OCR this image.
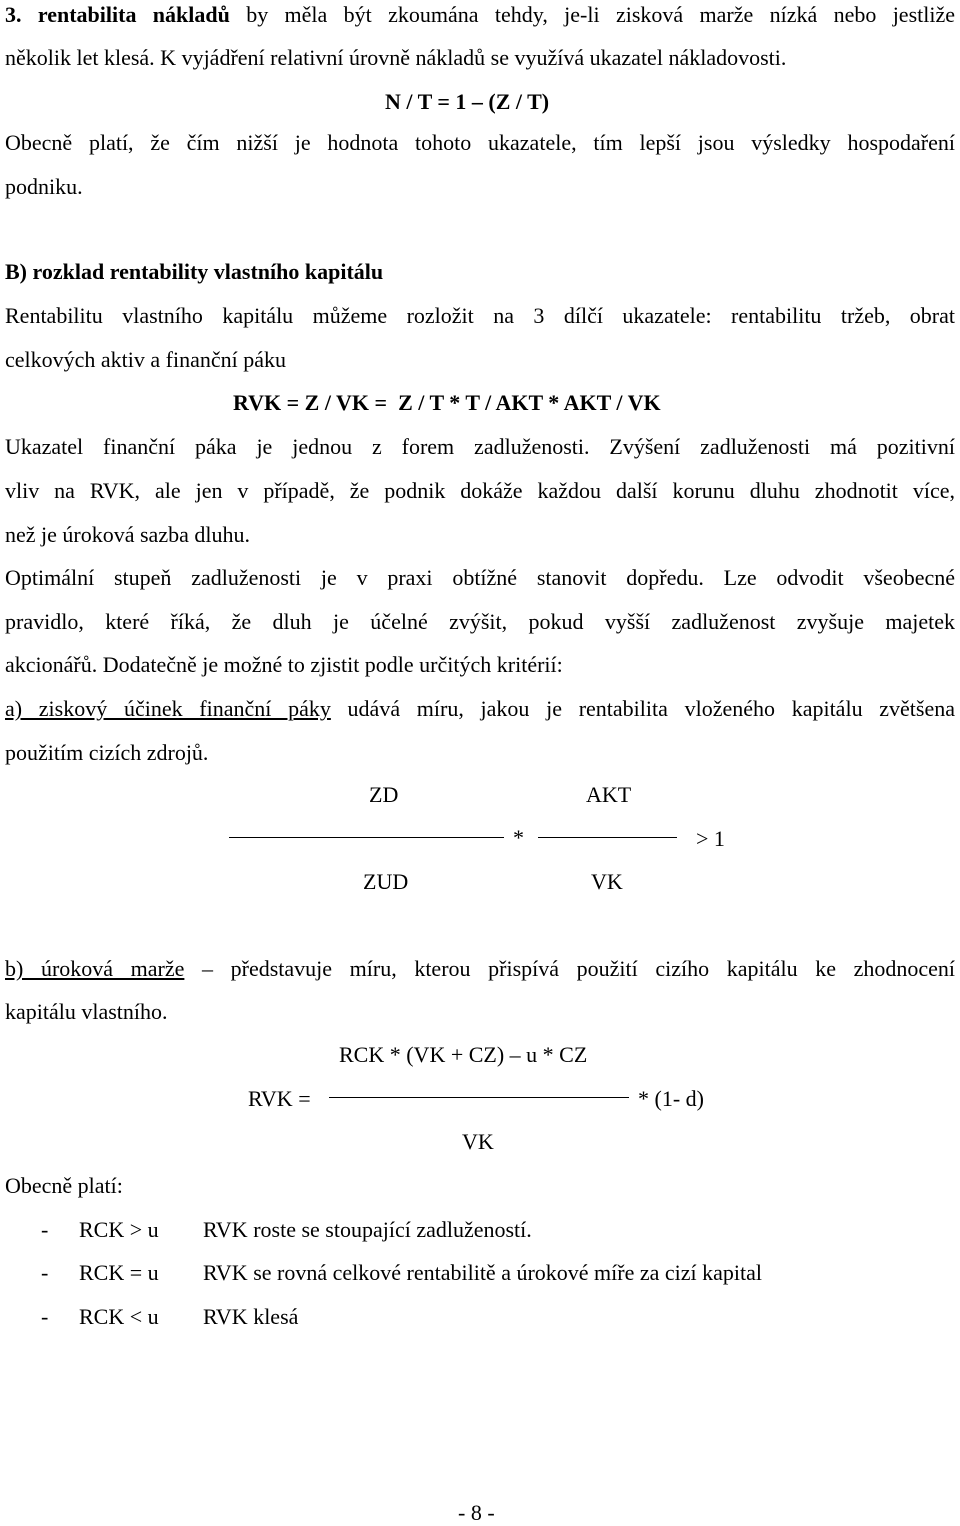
3. rentabilita nákladů by měla být zkoumána tehdy, je-li zisková marže nízká nebo jestliže
několik let klesá. K vyjádření relativní úrovně nákladů se využívá ukazatel nákladovosti.
N / T = 1 – (Z / T)
Obecně platí, že čím nižší je hodnota tohoto ukazatele, tím lepší jsou výsledky hospodaření
podniku.
B) rozklad rentability vlastního kapitálu
Rentabilitu vlastního kapitálu můžeme rozložit na 3 dílčí ukazatele: rentabilitu tržeb, obrat
celkových aktiv a finanční páku
RVK = Z / VK =  Z / T * T / AKT * AKT / VK
Ukazatel finanční páka je jednou z forem zadluženosti. Zvýšení zadluženosti má pozitivní
vliv na RVK, ale jen v případě, že podnik dokáže každou další korunu dluhu zhodnotit více,
než je úroková sazba dluhu.
Optimální stupeň zadluženosti je v praxi obtížné stanovit dopředu. Lze odvodit všeobecné
pravidlo, které říká, že dluh je účelné zvýšit, pokud vyšší zadluženost zvyšuje majetek
akcionářů. Dodatečně je možné to zjistit podle určitých kritérií:
a) ziskový účinek finanční páky udává míru, jakou je rentabilita vloženého kapitálu zvětšena
použitím cizích zdrojů.
ZD	AKT
*	> 1
ZUD	VK
b) úroková marže – představuje míru, kterou přispívá použití cizího kapitálu ke zhodnocení
kapitálu vlastního.
RCK * (VK + CZ) – u * CZ
RVK =	* (1- d)
VK
Obecně platí:
- RCK > u RVK roste se stoupající zadlužeností.
- RCK = u RVK se rovná celkové rentabilitě a úrokové míře za cizí kapital
- RCK < u RVK klesá
- 8 -
